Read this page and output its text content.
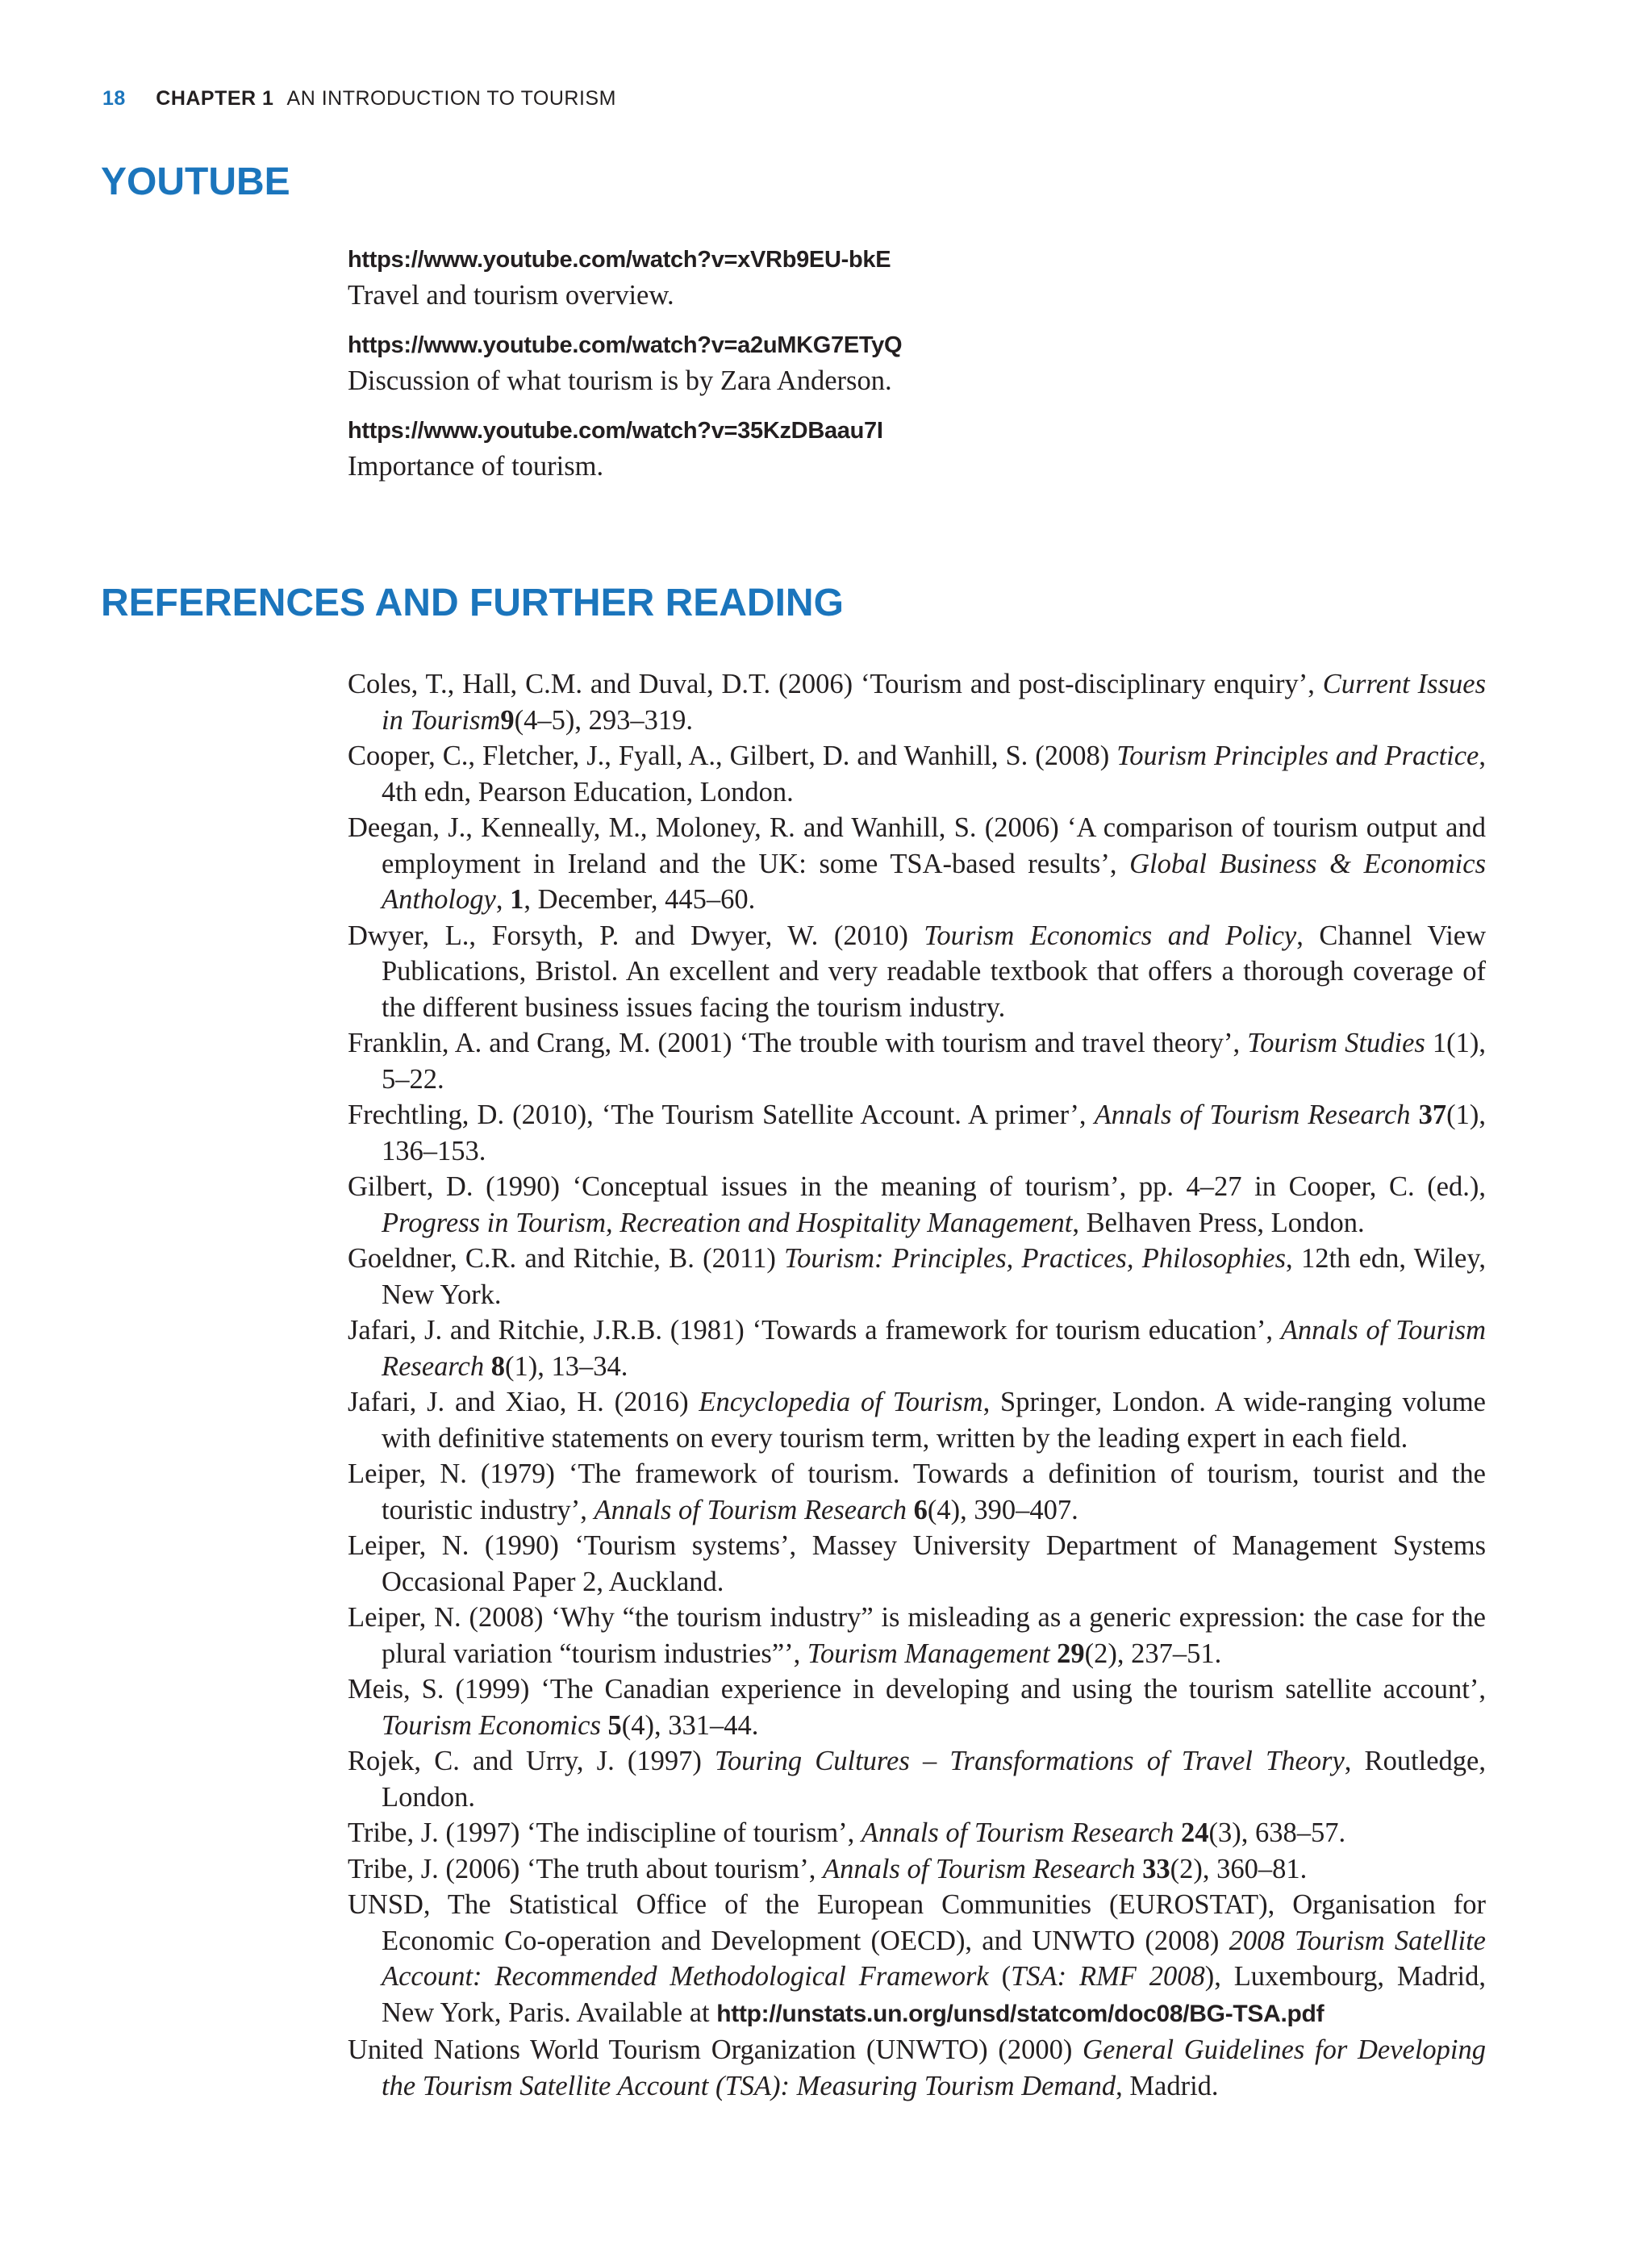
18 CHAPTER 1 AN INTRODUCTION TO TOURISM
YOUTUBE
https://www.youtube.com/watch?v=xVRb9EU-bkE
Travel and tourism overview.
https://www.youtube.com/watch?v=a2uMKG7ETyQ
Discussion of what tourism is by Zara Anderson.
https://www.youtube.com/watch?v=35KzDBaau7I
Importance of tourism.
REFERENCES AND FURTHER READING

Coles, T., Hall, C.M. and Duval, D.T. (2006) ‘Tourism and post-disciplinary enquiry’, Current Issues in Tourism9(4–5), 293–319.

Cooper, C., Fletcher, J., Fyall, A., Gilbert, D. and Wanhill, S. (2008) Tourism Principles and Practice, 4th edn, Pearson Education, London.

Deegan, J., Kenneally, M., Moloney, R. and Wanhill, S. (2006) ‘A comparison of tourism output and employment in Ireland and the UK: some TSA-based results’, Global Business & Economics Anthology, 1, December, 445–60.

Dwyer, L., Forsyth, P. and Dwyer, W. (2010) Tourism Economics and Policy, Channel View Publications, Bristol. An excellent and very readable textbook that offers a thorough coverage of the different business issues facing the tourism industry.

Franklin, A. and Crang, M. (2001) ‘The trouble with tourism and travel theory’, Tourism Studies 1(1), 5–22.

Frechtling, D. (2010), ‘The Tourism Satellite Account. A primer’, Annals of Tourism Research 37(1), 136–153.

Gilbert, D. (1990) ‘Conceptual issues in the meaning of tourism’, pp. 4–27 in Cooper, C. (ed.), Progress in Tourism, Recreation and Hospitality Management, Belhaven Press, London.

Goeldner, C.R. and Ritchie, B. (2011) Tourism: Principles, Practices, Philosophies, 12th edn, Wiley, New York.

Jafari, J. and Ritchie, J.R.B. (1981) ‘Towards a framework for tourism education’, Annals of Tourism Research 8(1), 13–34.

Jafari, J. and Xiao, H. (2016) Encyclopedia of Tourism, Springer, London. A wide-ranging volume with definitive statements on every tourism term, written by the leading expert in each field.

Leiper, N. (1979) ‘The framework of tourism. Towards a definition of tourism, tourist and the touristic industry’, Annals of Tourism Research 6(4), 390–407.

Leiper, N. (1990) ‘Tourism systems’, Massey University Department of Management Systems Occasional Paper 2, Auckland.

Leiper, N. (2008) ‘Why “the tourism industry” is misleading as a generic expression: the case for the plural variation “tourism industries”’, Tourism Management 29(2), 237–51.

Meis, S. (1999) ‘The Canadian experience in developing and using the tourism satellite account’, Tourism Economics 5(4), 331–44.

Rojek, C. and Urry, J. (1997) Touring Cultures – Transformations of Travel Theory, Routledge, London.

Tribe, J. (1997) ‘The indiscipline of tourism’, Annals of Tourism Research 24(3), 638–57.

Tribe, J. (2006) ‘The truth about tourism’, Annals of Tourism Research 33(2), 360–81.

UNSD, The Statistical Office of the European Communities (EUROSTAT), Organisation for Economic Co-operation and Development (OECD), and UNWTO (2008) 2008 Tourism Satellite Account: Recommended Methodological Framework (TSA: RMF 2008), Luxembourg, Madrid, New York, Paris. Available at http://unstats.un.org/unsd/statcom/doc08/BG-TSA.pdf

United Nations World Tourism Organization (UNWTO) (2000) General Guidelines for Developing the Tourism Satellite Account (TSA): Measuring Tourism Demand, Madrid.
